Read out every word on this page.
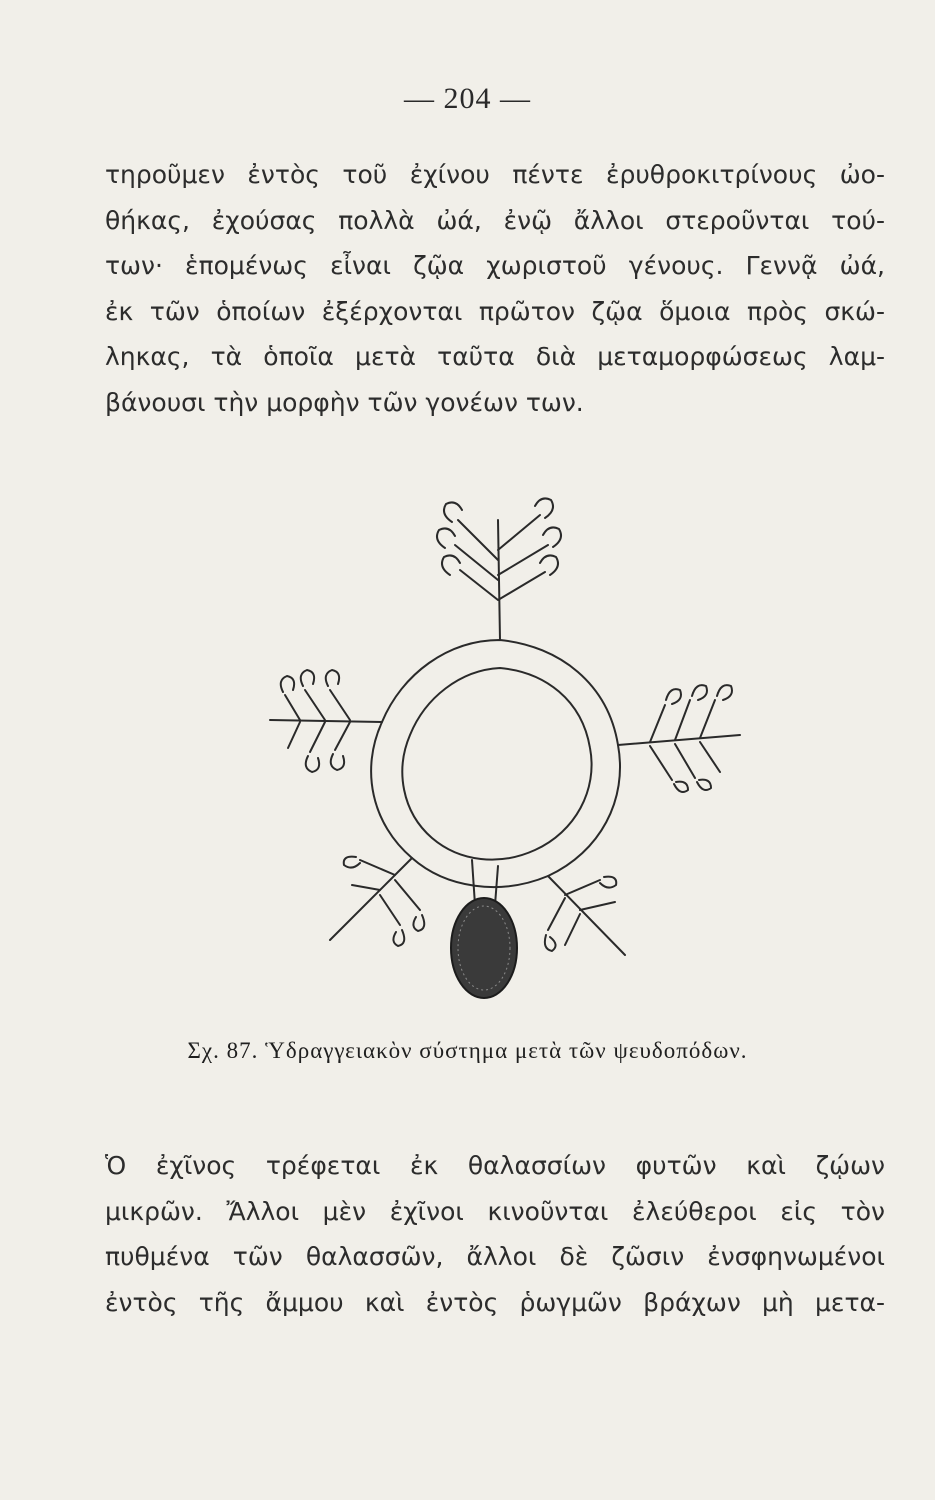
— 204 —
τηροῦμεν ἐντὸς τοῦ ἐχίνου πέντε ἐρυθροκιτρίνους ὠο-
θήκας, ἐχούσας πολλὰ ὠά, ἐνῷ ἄλλοι στεροῦνται τού-
των· ἑπομένως εἶναι ζῷα χωριστοῦ γένους. Γεννᾷ ὠά,
ἐκ τῶν ὁποίων ἐξέρχονται πρῶτον ζῷα ὅμοια πρὸς σκώ-
ληκας, τὰ ὁποῖα μετὰ ταῦτα διὰ μεταμορφώσεως λαμ-
βάνουσι τὴν μορφὴν τῶν γονέων των.
Σχ. 87. Ὑδραγγειακὸν σύστημα μετὰ τῶν ψευδοπόδων.
Ὁ ἐχῖνος τρέφεται ἐκ θαλασσίων φυτῶν καὶ ζῴων
μικρῶν. Ἄλλοι μὲν ἐχῖνοι κινοῦνται ἐλεύθεροι εἰς τὸν
πυθμένα τῶν θαλασσῶν, ἄλλοι δὲ ζῶσιν ἐνσφηνωμένοι
ἐντὸς τῆς ἄμμου καὶ ἐντὸς ῥωγμῶν βράχων μὴ μετα-
